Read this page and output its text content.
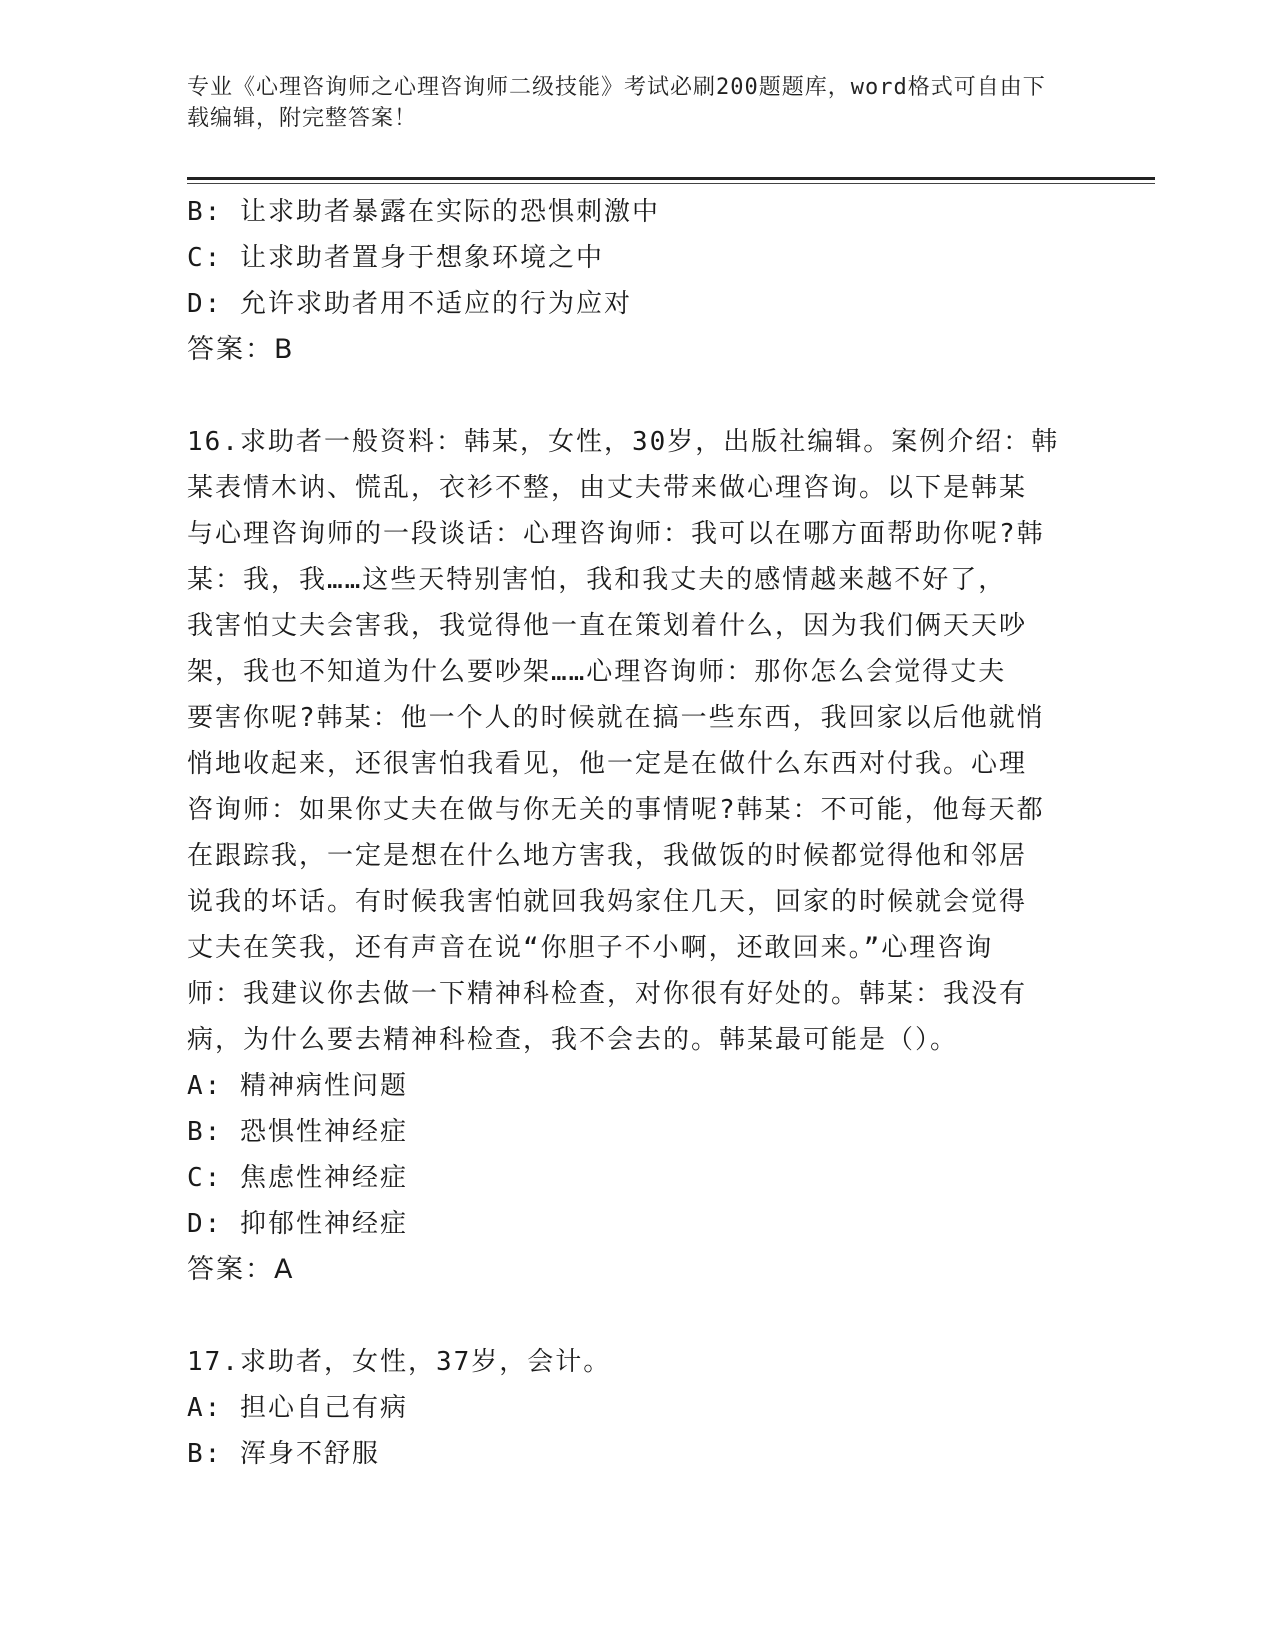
专业《心理咨询师之心理咨询师二级技能》考试必刷200题题库，word格式可自由下载编辑，附完整答案！
B: 让求助者暴露在实际的恐惧刺激中
C: 让求助者置身于想象环境之中
D: 允许求助者用不适应的行为应对
答案：B
16.求助者一般资料：韩某，女性，30岁，出版社编辑。案例介绍：韩
某表情木讷、慌乱，衣衫不整，由丈夫带来做心理咨询。以下是韩某
与心理咨询师的一段谈话：心理咨询师：我可以在哪方面帮助你呢?韩
某：我，我……这些天特别害怕，我和我丈夫的感情越来越不好了，
我害怕丈夫会害我，我觉得他一直在策划着什么，因为我们俩天天吵
架，我也不知道为什么要吵架……心理咨询师：那你怎么会觉得丈夫
要害你呢?韩某：他一个人的时候就在搞一些东西，我回家以后他就悄
悄地收起来，还很害怕我看见，他一定是在做什么东西对付我。心理
咨询师：如果你丈夫在做与你无关的事情呢?韩某：不可能，他每天都
在跟踪我，一定是想在什么地方害我，我做饭的时候都觉得他和邻居
说我的坏话。有时候我害怕就回我妈家住几天，回家的时候就会觉得
丈夫在笑我，还有声音在说“你胆子不小啊，还敢回来。”心理咨询
师：我建议你去做一下精神科检查，对你很有好处的。韩某：我没有
病，为什么要去精神科检查，我不会去的。韩某最可能是（）。
A: 精神病性问题
B: 恐惧性神经症
C: 焦虑性神经症
D: 抑郁性神经症
答案：A
17.求助者，女性，37岁，会计。
A: 担心自己有病
B: 浑身不舒服
